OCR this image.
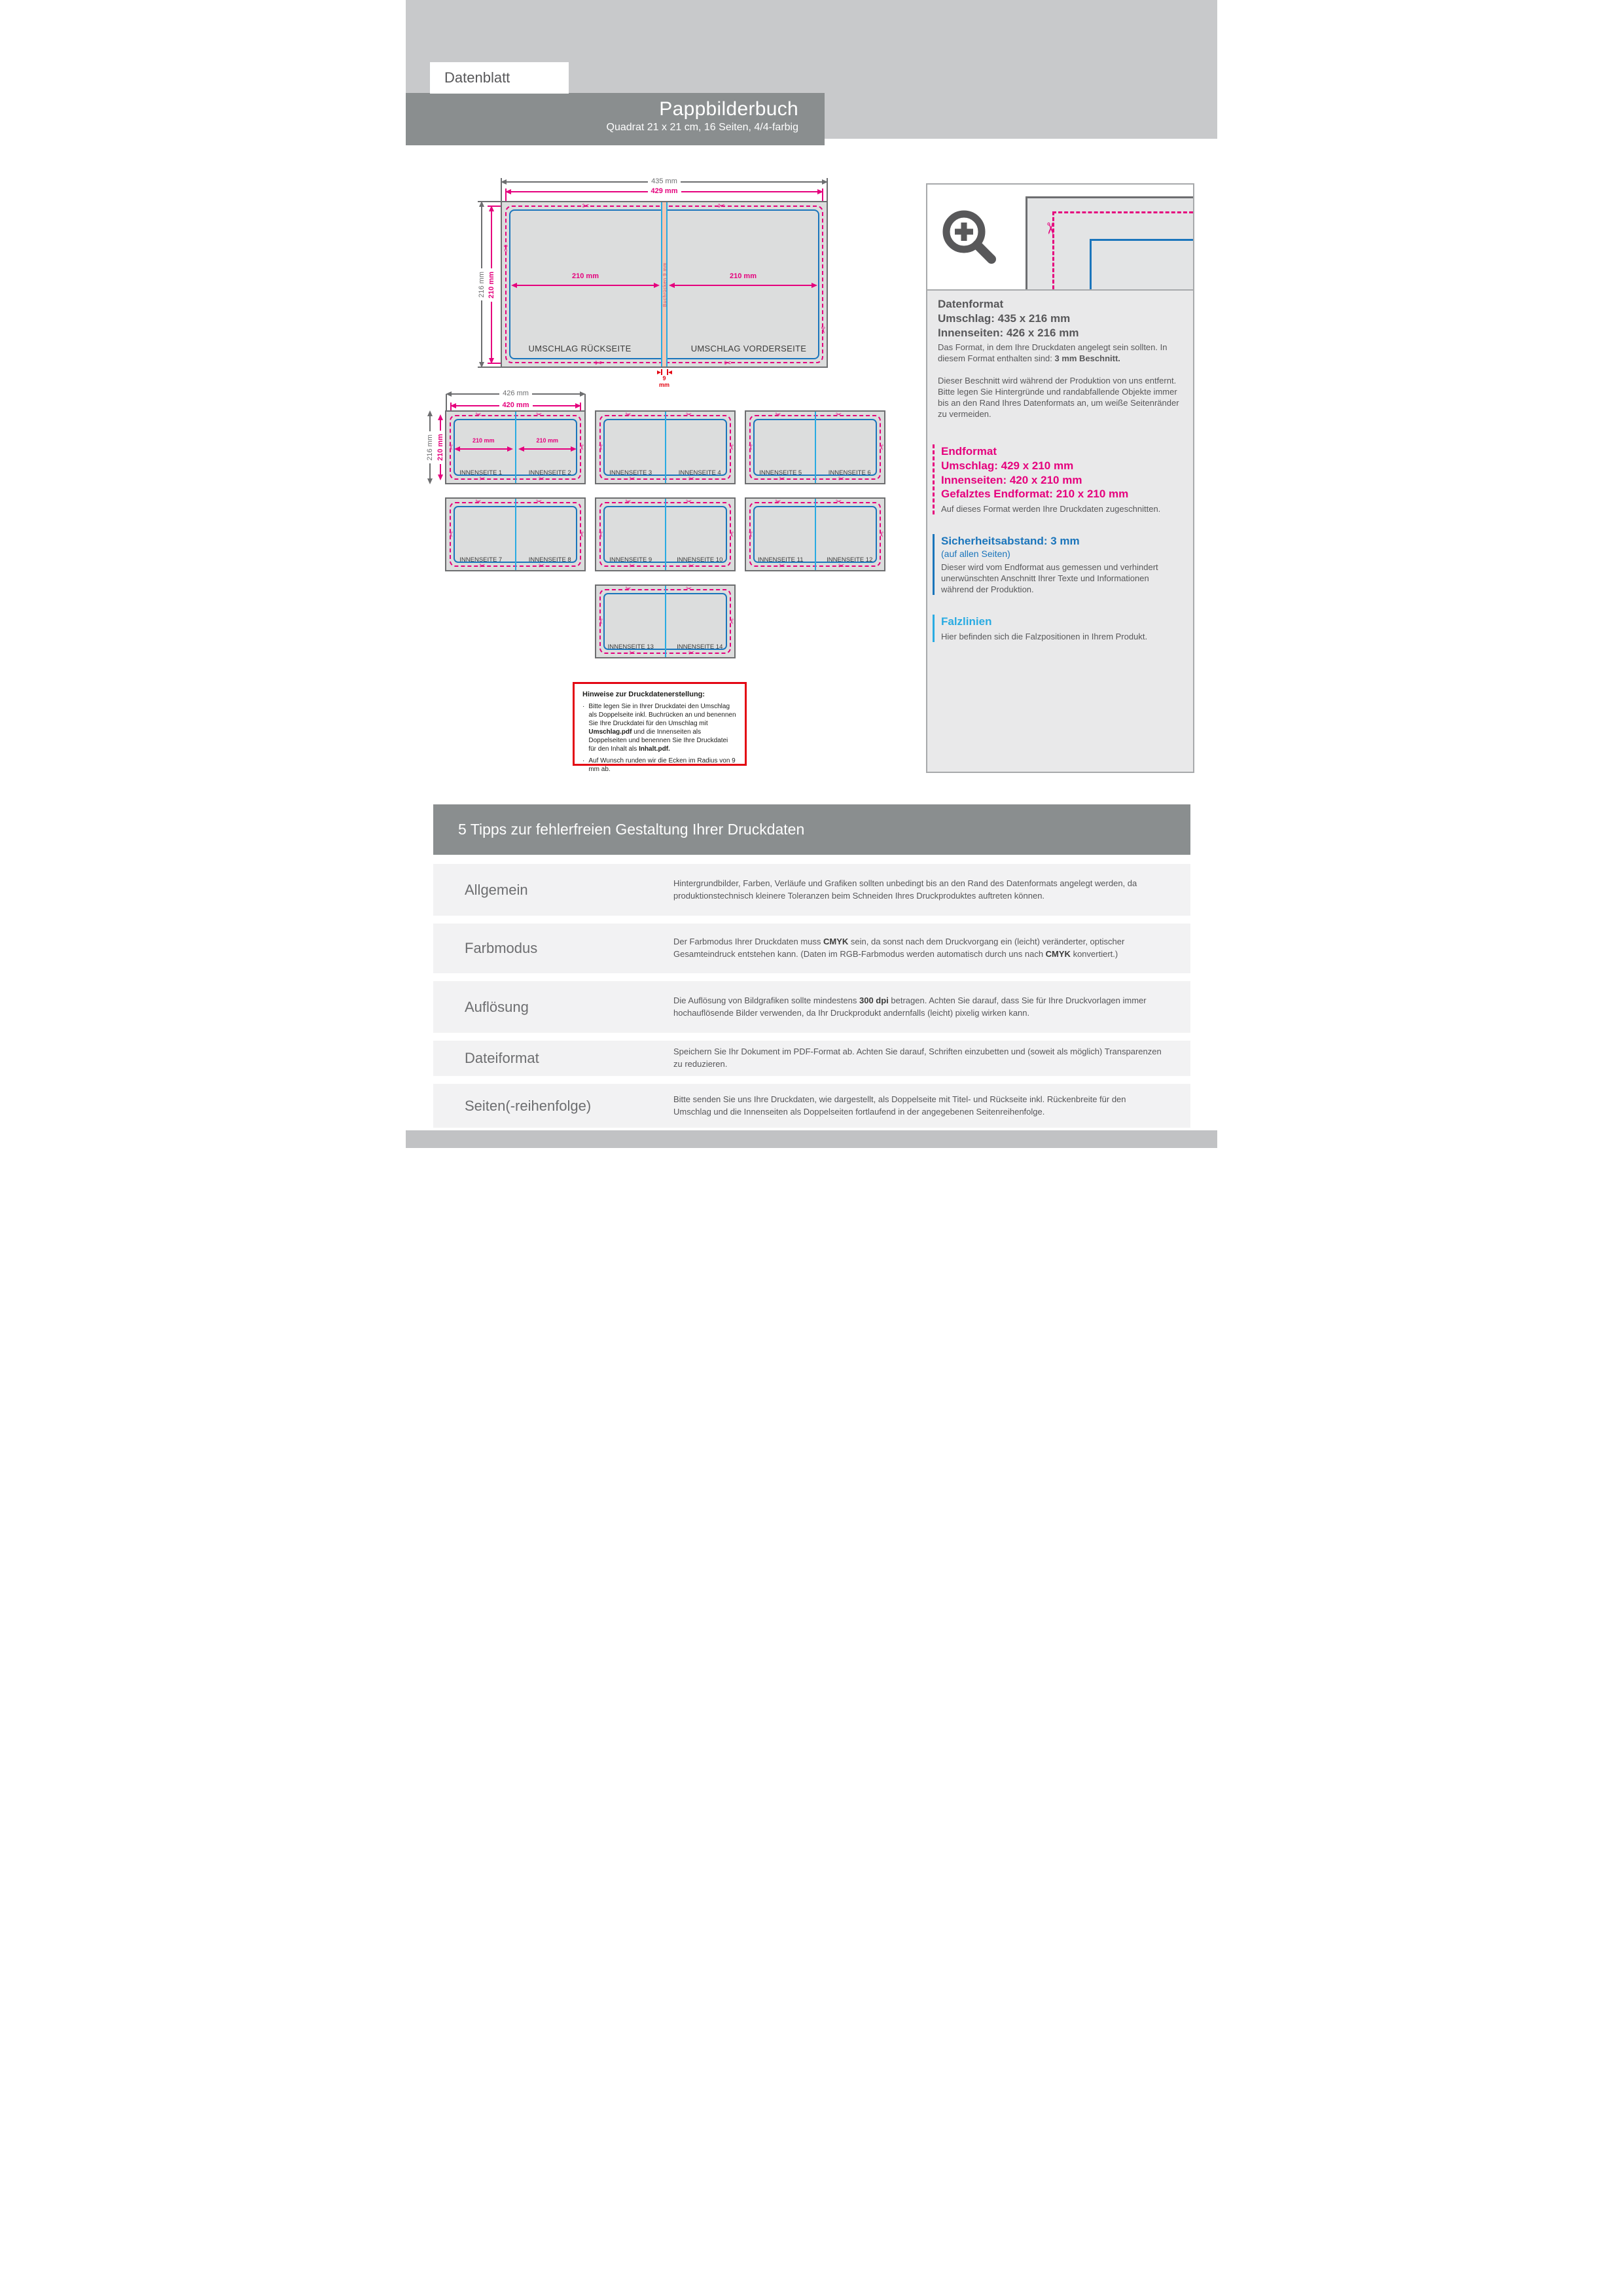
Pappbilderbuch
Quadrat 21 x 21 cm, 16 Seiten, 4/4-farbig
Datenblatt
435 mm
429 mm
216 mm 210 mm
✂	✂
✂	✂
✂
✂
Buchrücken 9 mm
210 mm	210 mm
UMSCHLAG RÜCKSEITE	UMSCHLAG VORDERSEITE
9
mm
426 mm
420 mm
216 mm 210 mm
✂	✂
✂	✂
✂	✂
210 mm	210 mm
INNENSEITE 1	INNENSEITE 2
✂	✂
✂	✂
✂	✂
INNENSEITE 3	INNENSEITE 4
✂	✂
✂	✂
✂	✂
INNENSEITE 5	INNENSEITE 6
✂	✂
✂	✂
✂	✂
INNENSEITE 7	INNENSEITE 8
✂	✂
✂	✂
✂	✂
INNENSEITE 9	INNENSEITE 10
✂	✂
✂	✂
✂	✂
INNENSEITE 11	INNENSEITE 12
✂	✂
✂	✂
✂	✂
INNENSEITE 13	INNENSEITE 14
Hinweise zur Druckdatenerstellung:
· Bitte legen Sie in Ihrer Druckdatei den Umschlag als Doppelseite inkl. Buchrücken an und benennen Sie Ihre Druckdatei für den Umschlag mit Umschlag.pdf und die Innenseiten als Doppelseiten und benennen Sie Ihre Druckdatei für den Inhalt als Inhalt.pdf.
· Auf Wunsch runden wir die Ecken im Radius von 9 mm ab.
✂
Datenformat
Umschlag: 435 x 216 mm
Innenseiten: 426 x 216 mm
Das Format, in dem Ihre Druckdaten angelegt sein sollten. In diesem Format enthalten sind: 3 mm Beschnitt.
Dieser Beschnitt wird während der Produktion von uns entfernt. Bitte legen Sie Hintergründe und randabfallende Objekte immer bis an den Rand Ihres Datenformats an, um weiße Seitenränder zu vermeiden.
Endformat
Umschlag: 429 x 210 mm
Innenseiten: 420 x 210 mm
Gefalztes Endformat: 210 x 210 mm
Auf dieses Format werden Ihre Druckdaten zugeschnitten.
Sicherheitsabstand: 3 mm
(auf allen Seiten)
Dieser wird vom Endformat aus gemessen und verhindert unerwünschten Anschnitt Ihrer Texte und Informationen während der Produktion.
Falzlinien
Hier befinden sich die Falzpositionen in Ihrem Produkt.
5 Tipps zur fehlerfreien Gestaltung Ihrer Druckdaten
Allgemein	Hintergrundbilder, Farben, Verläufe und Grafiken sollten unbedingt bis an den Rand des Datenformats angelegt werden, da produktionstechnisch kleinere Toleranzen beim Schneiden Ihres Druckproduktes auftreten können.
Farbmodus	Der Farbmodus Ihrer Druckdaten muss CMYK sein, da sonst nach dem Druckvorgang ein (leicht) veränderter, optischer Gesamteindruck entstehen kann. (Daten im RGB-Farbmodus werden automatisch durch uns nach CMYK konvertiert.)
Auflösung	Die Auflösung von Bildgrafiken sollte mindestens 300 dpi betragen. Achten Sie darauf, dass Sie für Ihre Druckvorlagen immer hochauflösende Bilder verwenden, da Ihr Druckprodukt andernfalls (leicht) pixelig wirken kann.
Dateiformat	Speichern Sie Ihr Dokument im PDF-Format ab. Achten Sie darauf, Schriften einzubetten und (soweit als möglich) Transparenzen zu reduzieren.
Seiten(-reihenfolge)	Bitte senden Sie uns Ihre Druckdaten, wie dargestellt, als Doppelseite mit Titel- und Rückseite inkl. Rückenbreite für den Umschlag und die Innenseiten als Doppelseiten fortlaufend in der angegebenen Seitenreihenfolge.
